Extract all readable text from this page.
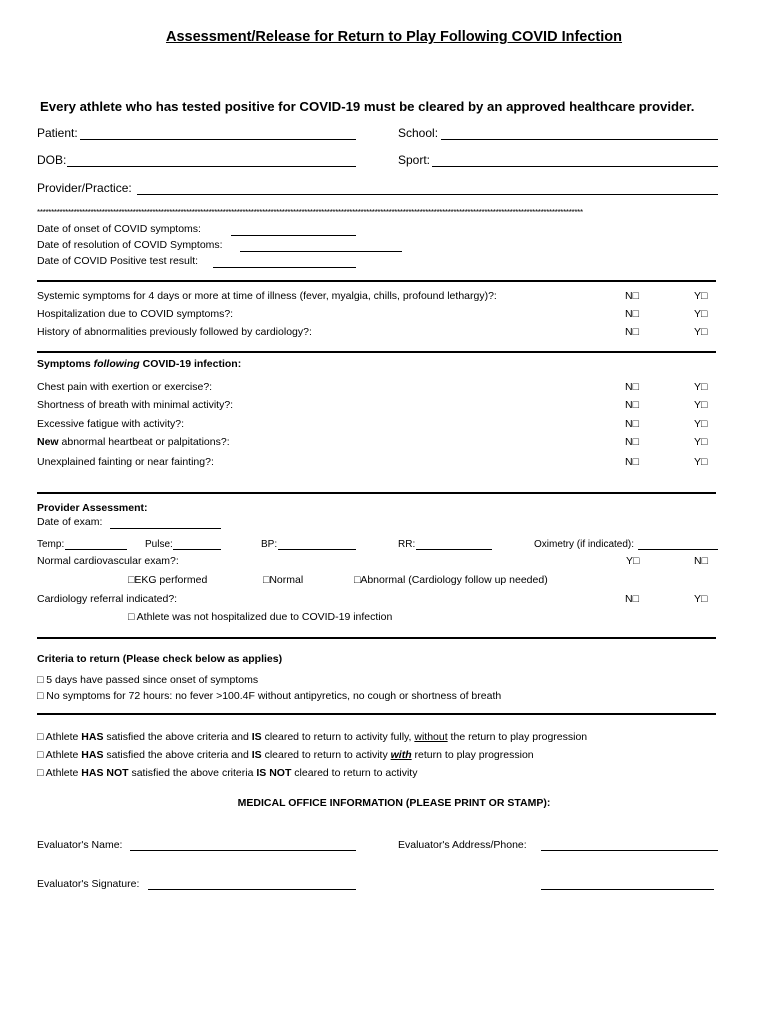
Assessment/Release for Return to Play Following COVID Infection
Every athlete who has tested positive for COVID-19 must be cleared by an approved healthcare provider.
Patient:	School:
DOB:	Sport:
Provider/Practice:
**************************************************************************************************************************************************************************************************
Date of onset of COVID symptoms:
Date of resolution of COVID Symptoms:
Date of COVID Positive test result:
Systemic symptoms for 4 days or more at time of illness (fever, myalgia, chills, profound lethargy)?:	N□	Y□
Hospitalization due to COVID symptoms?:	N□	Y□
History of abnormalities previously followed by cardiology?:	N□	Y□
Symptoms following COVID-19 infection:
Chest pain with exertion or exercise?:	N□	Y□
Shortness of breath with minimal activity?:	N□	Y□
Excessive fatigue with activity?:	N□	Y□
New abnormal heartbeat or palpitations?:	N□	Y□
Unexplained fainting or near fainting?:	N□	Y□
Provider Assessment:
Date of exam:
Temp:	Pulse:	BP:	RR:	Oximetry (if indicated):
Normal cardiovascular exam?:	Y□	N□
□EKG performed	□Normal	□Abnormal (Cardiology follow up needed)
Cardiology referral indicated?:	N□	Y□
□ Athlete was not hospitalized due to COVID-19 infection
Criteria to return (Please check below as applies)
□ 5 days have passed since onset of symptoms
□ No symptoms for 72 hours: no fever >100.4F without antipyretics, no cough or shortness of breath
□ Athlete HAS satisfied the above criteria and IS cleared to return to activity fully, without the return to play progression
□ Athlete HAS satisfied the above criteria and IS cleared to return to activity with return to play progression
□ Athlete HAS NOT satisfied the above criteria IS NOT cleared to return to activity
MEDICAL OFFICE INFORMATION (PLEASE PRINT OR STAMP):
Evaluator's Name:	Evaluator's Address/Phone:
Evaluator's Signature:
